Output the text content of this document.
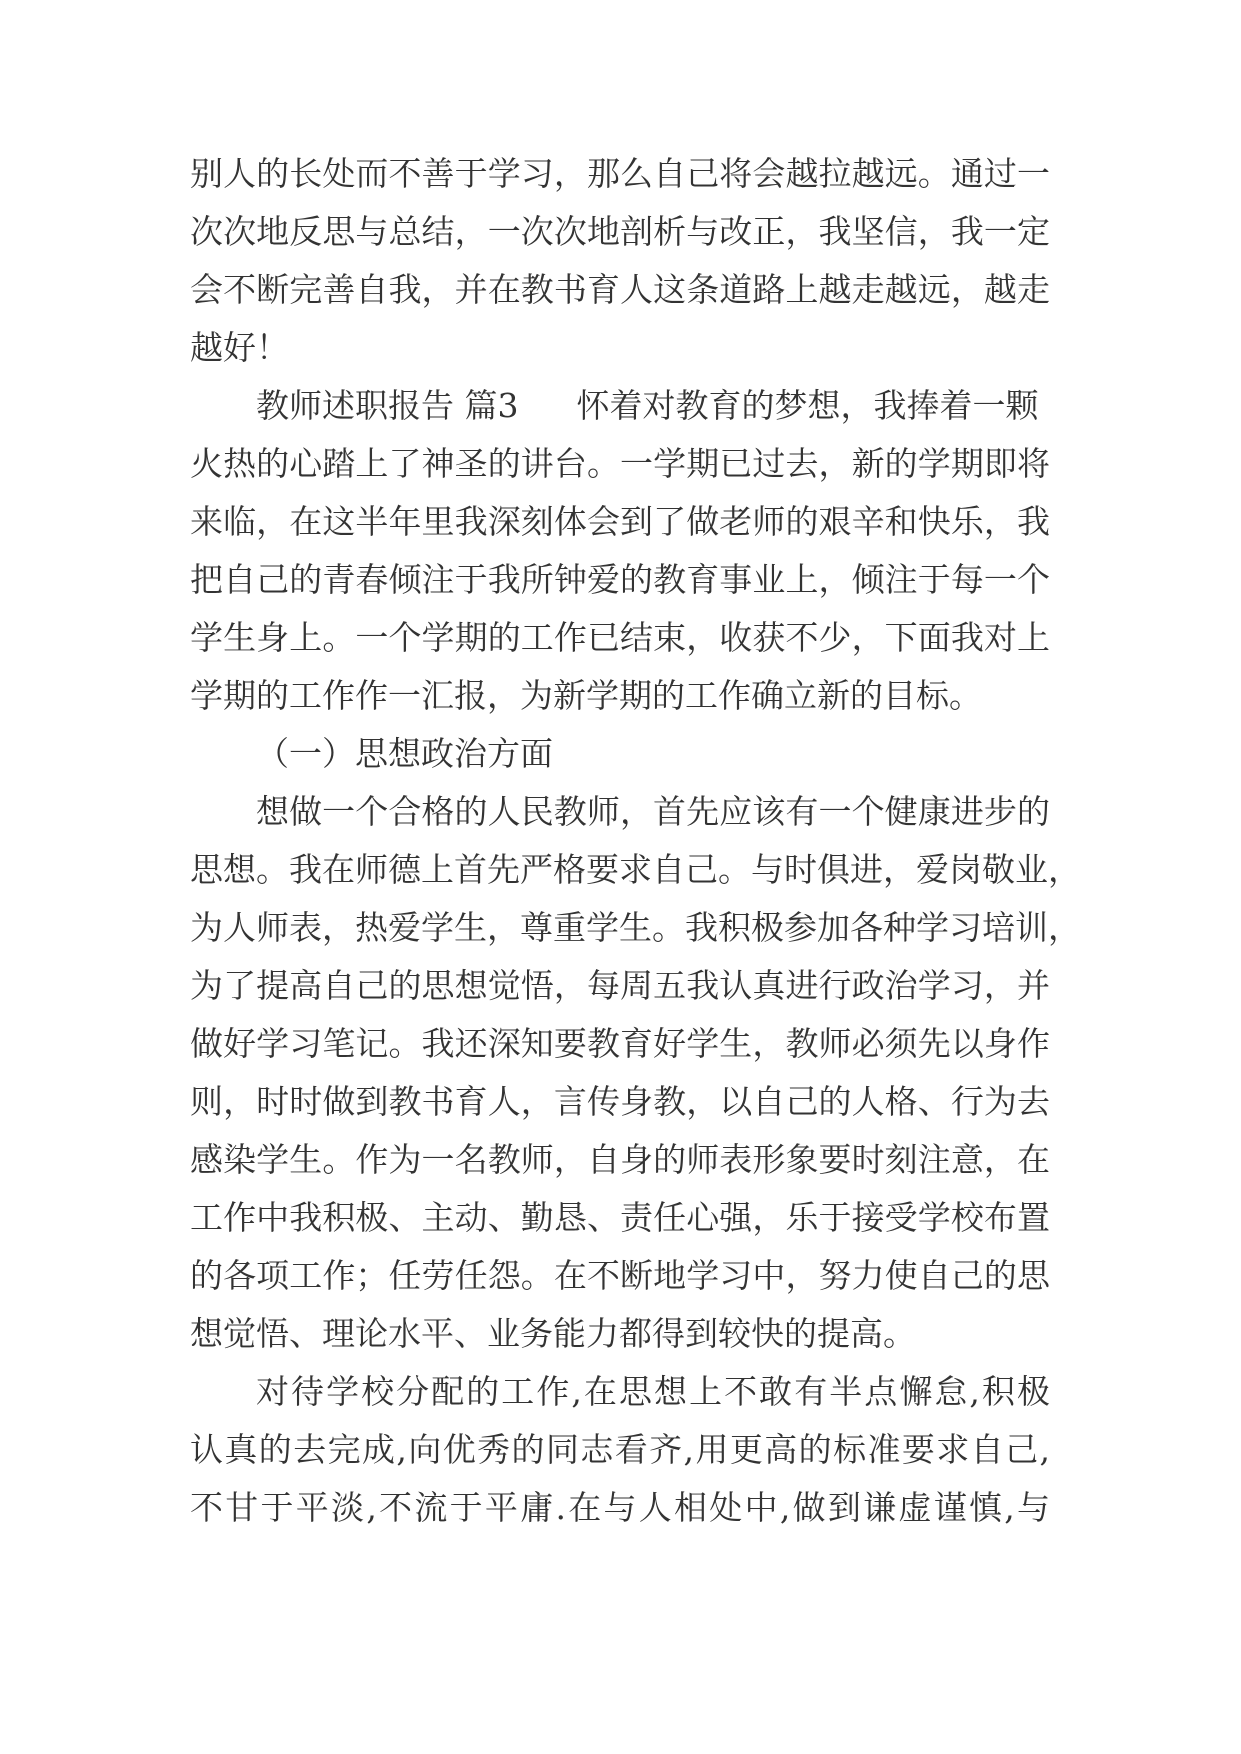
别人的长处而不善于学习，那么自己将会越拉越远。通过一
次次地反思与总结，一次次地剖析与改正，我坚信，我一定
会不断完善自我，并在教书育人这条道路上越走越远，越走
越好！
教师述职报告 篇3 怀着对教育的梦想，我捧着一颗
火热的心踏上了神圣的讲台。一学期已过去，新的学期即将
来临，在这半年里我深刻体会到了做老师的艰辛和快乐，我
把自己的青春倾注于我所钟爱的教育事业上，倾注于每一个
学生身上。一个学期的工作已结束，收获不少，下面我对上
学期的工作作一汇报，为新学期的工作确立新的目标。
（一）思想政治方面
想做一个合格的人民教师，首先应该有一个健康进步的
思想。我在师德上首先严格要求自己。与时俱进，爱岗敬业，
为人师表，热爱学生，尊重学生。我积极参加各种学习培训，
为了提高自己的思想觉悟，每周五我认真进行政治学习，并
做好学习笔记。我还深知要教育好学生，教师必须先以身作
则，时时做到教书育人，言传身教，以自己的人格、行为去
感染学生。作为一名教师，自身的师表形象要时刻注意，在
工作中我积极、主动、勤恳、责任心强，乐于接受学校布置
的各项工作；任劳任怨。在不断地学习中，努力使自己的思
想觉悟、理论水平、业务能力都得到较快的提高。
对待学校分配的工作,在思想上不敢有半点懈怠,积极
认真的去完成,向优秀的同志看齐,用更高的标准要求自己,
不甘于平淡,不流于平庸.在与人相处中,做到谦虚谨慎,与
